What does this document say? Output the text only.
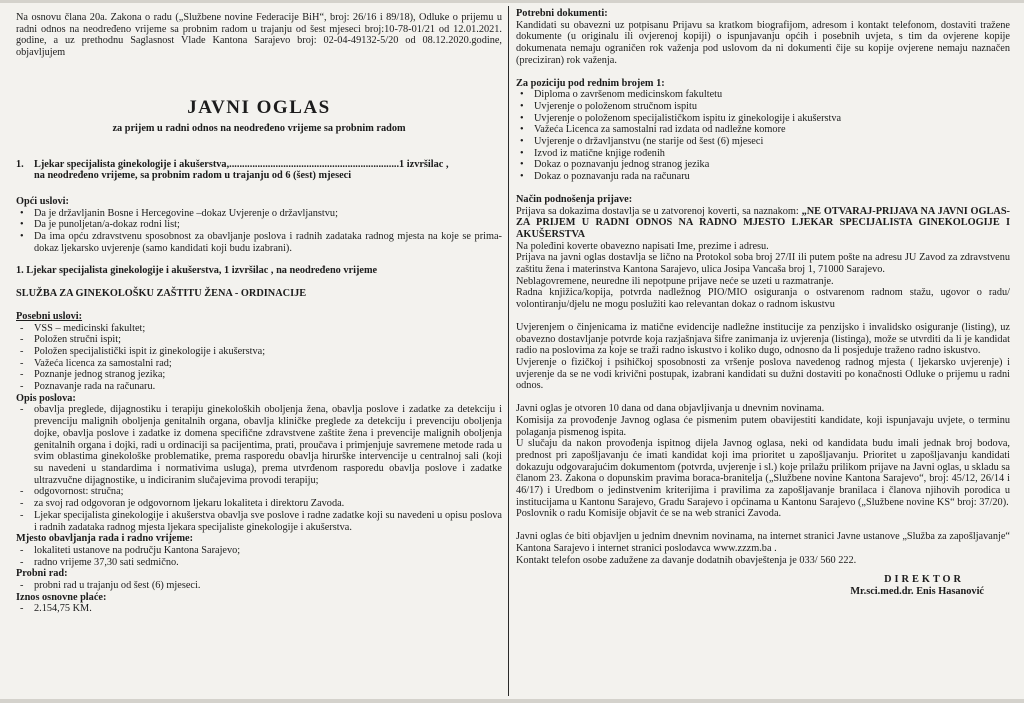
Na osnovu člana 20a. Zakona o radu („Službene novine Federacije BiH“, broj: 26/16 i 89/18), Odluke o prijemu u radni odnos na neodređeno vrijeme sa probnim radom u trajanju od šest mjeseci broj:10-78-01/21 od 12.01.2021. godine, a uz prethodnu Saglasnost Vlade Kantona Sarajevo broj: 02-04-49132-5/20 od 08.12.2020.godine, objavljujem

JAVNI OGLAS
za prijem u radni odnos na neodređeno vrijeme sa probnim radom
1. Ljekar specijalista ginekologije i akušerstva,..................................................................1 izvršilac ,
na neodređeno vrijeme, sa probnim radom u trajanju od 6 (šest) mjeseci
Opći uslovi:
• Da je državljanin Bosne i Hercegovine –dokaz Uvjerenje o državljanstvu;
• Da je punoljetan/a-dokaz rodni list;
• Da ima opću zdravstvenu sposobnost za obavljanje poslova i radnih zadataka radnog mjesta na koje se prima- dokaz ljekarsko uvjerenje (samo kandidati koji budu izabrani).
1. Ljekar specijalista ginekologije i akušerstva, 1 izvršilac , na neodređeno vrijeme
SLUŽBA ZA GINEKOLOŠKU ZAŠTITU ŽENA - ORDINACIJE
Posebni uslovi:
- VSS – medicinski fakultet;
- Položen stručni ispit;
- Položen specijalistički ispit iz ginekologije i akušerstva;
- Važeća licenca za samostalni rad;
- Poznanje jednog stranog jezika;
- Poznavanje rada na računaru.
Opis poslova:
- obavlja preglede, dijagnostiku i terapiju ginekoloških oboljenja žena, obavlja poslove i zadatke za detekciju i prevenciju malignih oboljenja genitalnih organa, obavlja kliničke preglede za detekciju i prevenciju oboljenja dojke, obavlja poslove i zadatke iz domena specifične zdravstvene zaštite žena i prevencije malignih oboljenja genitalnih organa i dojki, radi u ordinaciji sa pacijentima, prati, proučava i primjenjuje savremene metode rada u svim oblastima ginekološke problematike, prema rasporedu obavlja hirurške intervencije u centralnoj sali (koji su navedeni u standardima i normativima usluga), prema utvrđenom rasporedu obavlja poslove i zadatke ultrazvučne dijagnostike, u indiciranim slučajevima provodi terapiju;
- odgovornost: stručna;
- za svoj rad odgovoran je odgovornom ljekaru lokaliteta i direktoru Zavoda.
- Ljekar specijalista ginekologije i akušerstva obavlja sve poslove i radne zadatke koji su navedeni u opisu poslova i radnih zadataka radnog mjesta ljekara specijaliste ginekologije i akušerstva.
Mjesto obavljanja rada i radno vrijeme:
- lokaliteti ustanove na području Kantona Sarajevo;
- radno vrijeme 37,30 sati sedmično.
Probni rad:
- probni rad u trajanju od šest (6) mjeseci.
Iznos osnovne plaće:
- 2.154,75 KM.
Potrebni dokumenti:

Kandidati su obavezni uz potpisanu Prijavu sa kratkom biografijom, adresom i kontakt telefonom, dostaviti tražene dokumente (u originalu ili ovjerenoj kopiji) o ispunjavanju općih i posebnih uvjeta, s tim da ovjerene kopije dokumenata nemaju ograničen rok važenja pod uslovom da ni dokumenti čije su kopije ovjerene nemaju naznačen (preciziran) rok važenja.

Za poziciju pod rednim brojem 1:
• Diploma o završenom medicinskom fakultetu
• Uvjerenje o položenom stručnom ispitu
• Uvjerenje o položenom specijalističkom ispitu iz ginekologije i akušerstva
• Važeća Licenca za samostalni rad izdata od nadležne komore
• Uvjerenje o državljanstvu (ne starije od šest (6) mjeseci
• Izvod iz matične knjige rođenih
• Dokaz o poznavanju jednog stranog jezika
• Dokaz o poznavanju rada na računaru
Način podnošenja prijave:

Prijava sa dokazima dostavlja se u zatvorenoj koverti, sa naznakom: „NE OTVARAJ-PRIJAVA NA JAVNI OGLAS- ZA PRIJEM U RADNI ODNOS NA RADNO MJESTO LJEKAR SPECIJALISTA GINEKOLOGIJE I AKUŠERSTVA

Na poleđini koverte obavezno napisati Ime, prezime i adresu.

Prijava na javni oglas dostavlja se lično na Protokol soba broj 27/II ili putem pošte na adresu JU Zavod za zdravstvenu zaštitu žena i materinstva Kantona Sarajevo, ulica Josipa Vancaša broj 1, 71000 Sarajevo.

Neblagovremene, neuredne ili nepotpune prijave neće se uzeti u razmatranje.

Radna knjižica/kopija, potvrda nadležnog PIO/MIO osiguranja o ostvarenom radnom stažu, ugovor o radu/ volontiranju/djelu ne mogu poslužiti kao relevantan dokaz o radnom iskustvu

Uvjerenjem o činjenicama iz matične evidencije nadležne institucije za penzijsko i invalidsko osiguranje (listing), uz obavezno dostavljanje potvrde koja razjašnjava šifre zanimanja iz uvjerenja (listinga), može se utvrditi da li je kandidat radio na poslovima za koje se traži radno iskustvo i koliko dugo, odnosno da li posjeduje traženo radno iskustvo.

Uvjerenje o fizičkoj i psihičkoj sposobnosti za vršenje poslova navedenog radnog mjesta ( ljekarsko uvjerenje) i uvjerenje da se ne vodi krivični postupak, izabrani kandidati su dužni dostaviti po konačnosti Odluke o prijemu u radni odnos.

Javni oglas je otvoren 10 dana od dana objavljivanja u dnevnim novinama.

Komisija za provođenje Javnog oglasa će pismenim putem obavijestiti kandidate, koji ispunjavaju uvjete, o terminu polaganja pismenog ispita.

U slučaju da nakon provođenja ispitnog dijela Javnog oglasa, neki od kandidata budu imali jednak broj bodova, prednost pri zapošljavanju će imati kandidat koji ima prioritet u zapošljavanju. Prioritet u zapošljavanju kandidati dokazuju odgovarajućim dokumentom (potvrda, uvjerenje i sl.) koje prilažu prilikom prijave na Javni oglas, u skladu sa članom 23. Zakona o dopunskim pravima boraca-branitelja („Službene novine Kantona Sarajevo“, broj: 45/12, 26/14 i 46/17) i Uredbom o jedinstvenim kriterijima i pravilima za zapošljavanje branilaca i članova njihovih porodica u institucijama u Kantonu Sarajevo, Gradu Sarajevo i općinama u Kantonu Sarajevo („Službene novine KS“ broj: 37/20).

Poslovnik o radu Komisije objavit će se na web stranici Zavoda.

Javni oglas će biti objavljen u jednim dnevnim novinama, na internet stranici Javne ustanove „Služba za zapošljavanje“ Kantona Sarajevo i internet stranici poslodavca www.zzzm.ba .

Kontakt telefon osobe zadužene za davanje dodatnih obavještenja je 033/ 560 222.

DIREKTOR
Mr.sci.med.dr. Enis Hasanović
